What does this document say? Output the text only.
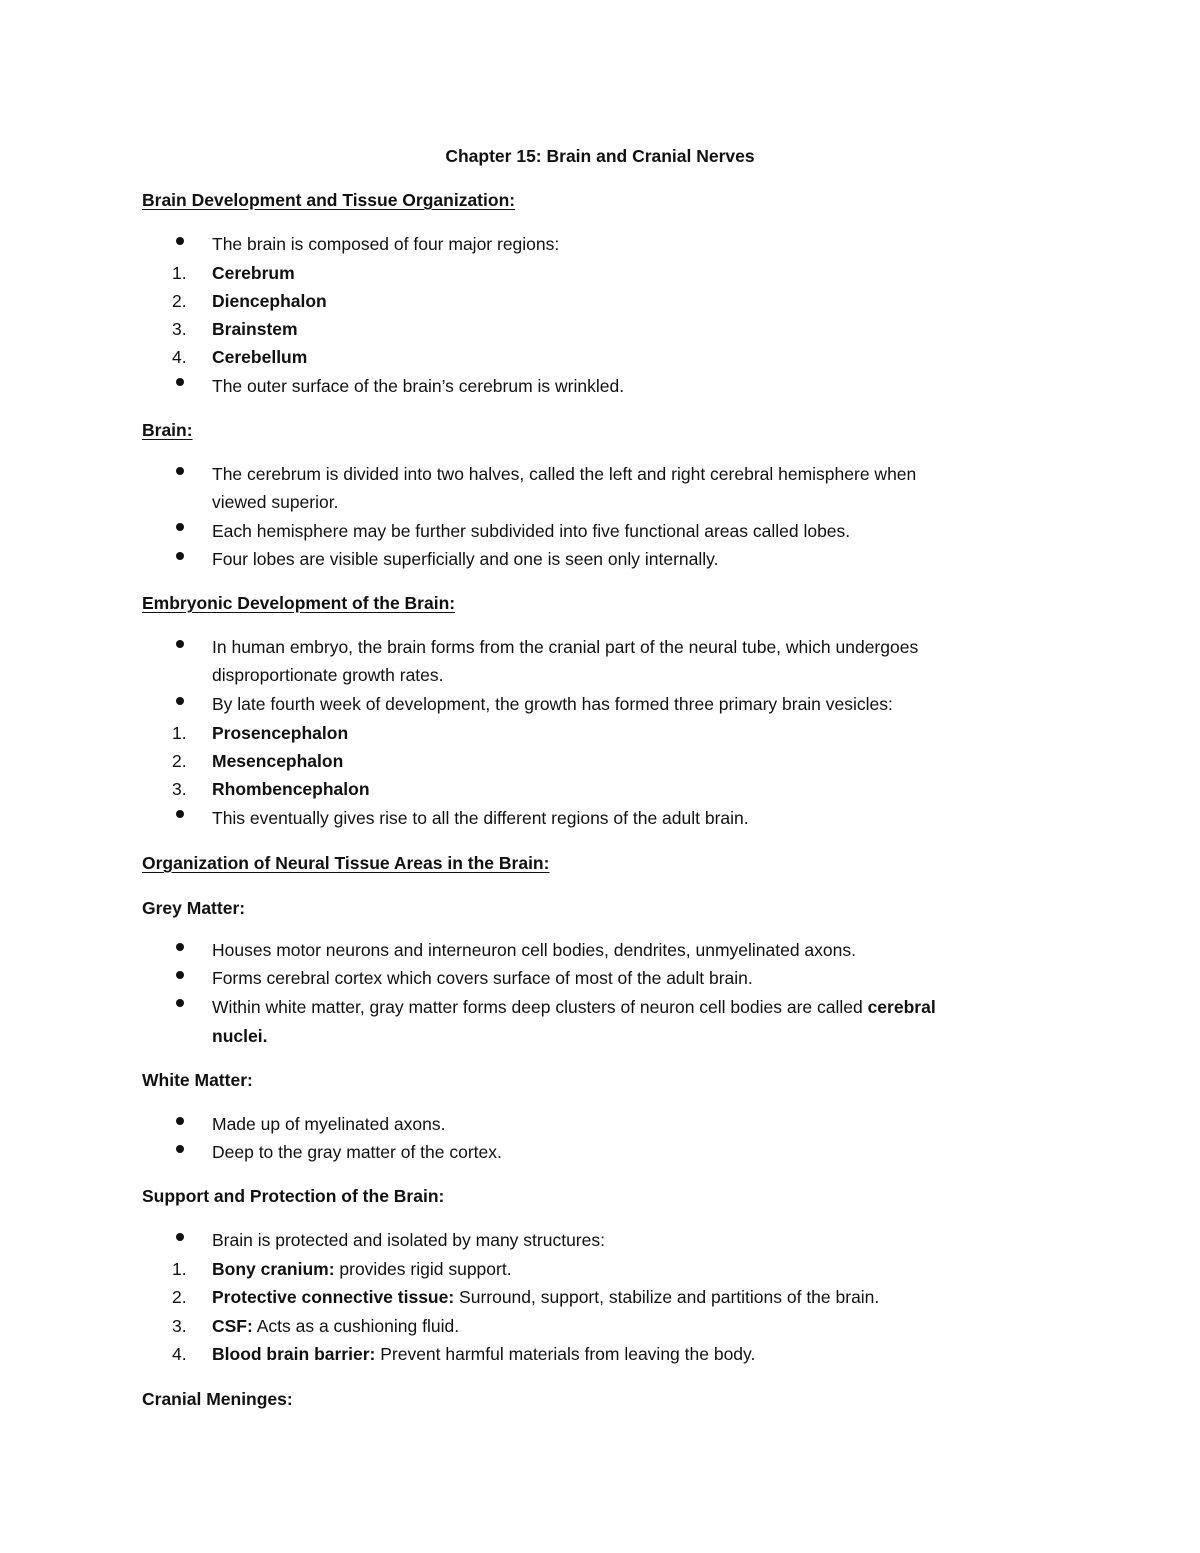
Chapter 15: Brain and Cranial Nerves
Brain Development and Tissue Organization:
The brain is composed of four major regions:
1. Cerebrum
2. Diencephalon
3. Brainstem
4. Cerebellum
The outer surface of the brain’s cerebrum is wrinkled.
Brain:
The cerebrum is divided into two halves, called the left and right cerebral hemisphere when
viewed superior.
Each hemisphere may be further subdivided into five functional areas called lobes.
Four lobes are visible superficially and one is seen only internally.
Embryonic Development of the Brain:
In human embryo, the brain forms from the cranial part of the neural tube, which undergoes
disproportionate growth rates.
By late fourth week of development, the growth has formed three primary brain vesicles:
1. Prosencephalon
2. Mesencephalon
3. Rhombencephalon
This eventually gives rise to all the different regions of the adult brain.
Organization of Neural Tissue Areas in the Brain:
Grey Matter:
Houses motor neurons and interneuron cell bodies, dendrites, unmyelinated axons.
Forms cerebral cortex which covers surface of most of the adult brain.
Within white matter, gray matter forms deep clusters of neuron cell bodies are called cerebral
nuclei.
White Matter:
Made up of myelinated axons.
Deep to the gray matter of the cortex.
Support and Protection of the Brain:
Brain is protected and isolated by many structures:
1. Bony cranium: provides rigid support.
2. Protective connective tissue: Surround, support, stabilize and partitions of the brain.
3. CSF: Acts as a cushioning fluid.
4. Blood brain barrier: Prevent harmful materials from leaving the body.
Cranial Meninges:
